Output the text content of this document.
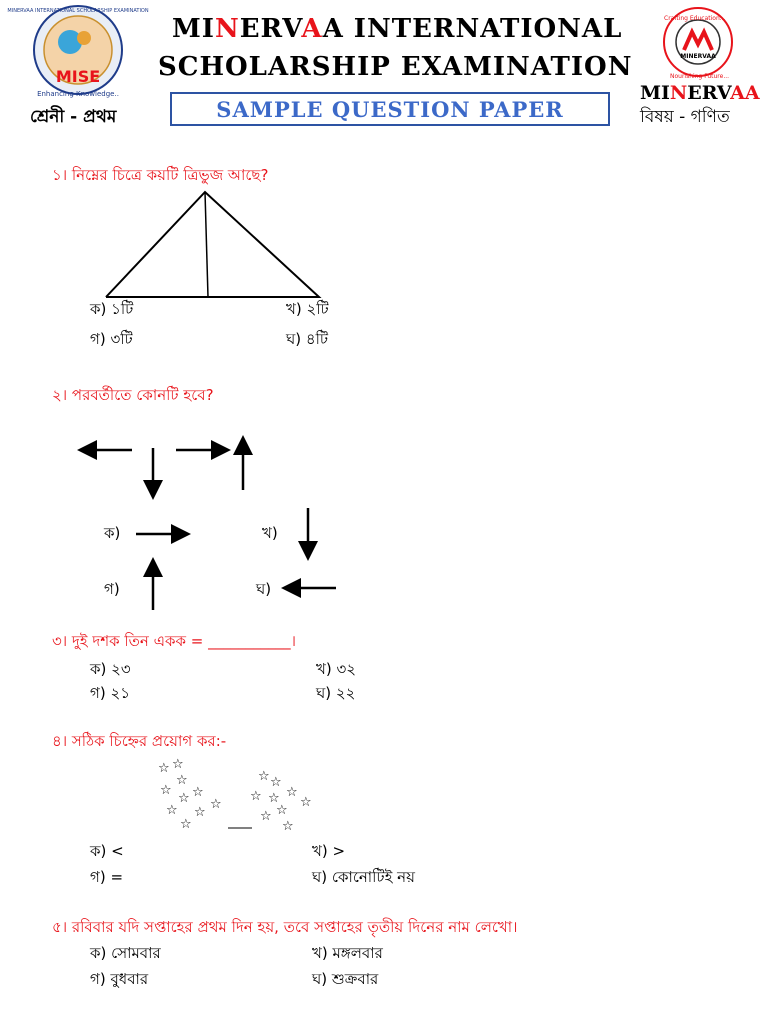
MISE
Enhancing Knowledge..
MINERVAA INTERNATIONAL SCHOLARSHIP EXAMINATION
MINERVAA INTERNATIONAL
SCHOLARSHIP EXAMINATION
SAMPLE QUESTION PAPER
শ্রেনী - প্রথম
MINERVAA
Crafting Education...
Nourishing Future...
MINERVAA
বিষয় - গণিত
১। নিম্নের চিত্রে কয়টি ত্রিভুজ আছে?
ক) ১টি	খ) ২টি
গ) ৩টি	ঘ) ৪টি
২। পরবর্তীতে কোনটি হবে?
ক)	খ)
গ)	ঘ)
৩। দুই দশক তিন একক = ___________।
ক) ২৩	খ) ৩২
গ) ২১	ঘ) ২২
৪। সঠিক চিহ্নের প্রয়োগ কর:-
☆ ☆
☆
☆
☆ ☆
☆ ☆
☆
☆
☆ ☆
☆ ☆ ☆
☆
☆
☆
☆
ক) <	খ) >
গ) =	ঘ) কোনোটিই নয়
৫। রবিবার যদি সপ্তাহের প্রথম দিন হয়, তবে সপ্তাহের তৃতীয় দিনের নাম লেখো।
ক) সোমবার	খ) মঙ্গলবার
গ) বুধবার	ঘ) শুক্রবার
